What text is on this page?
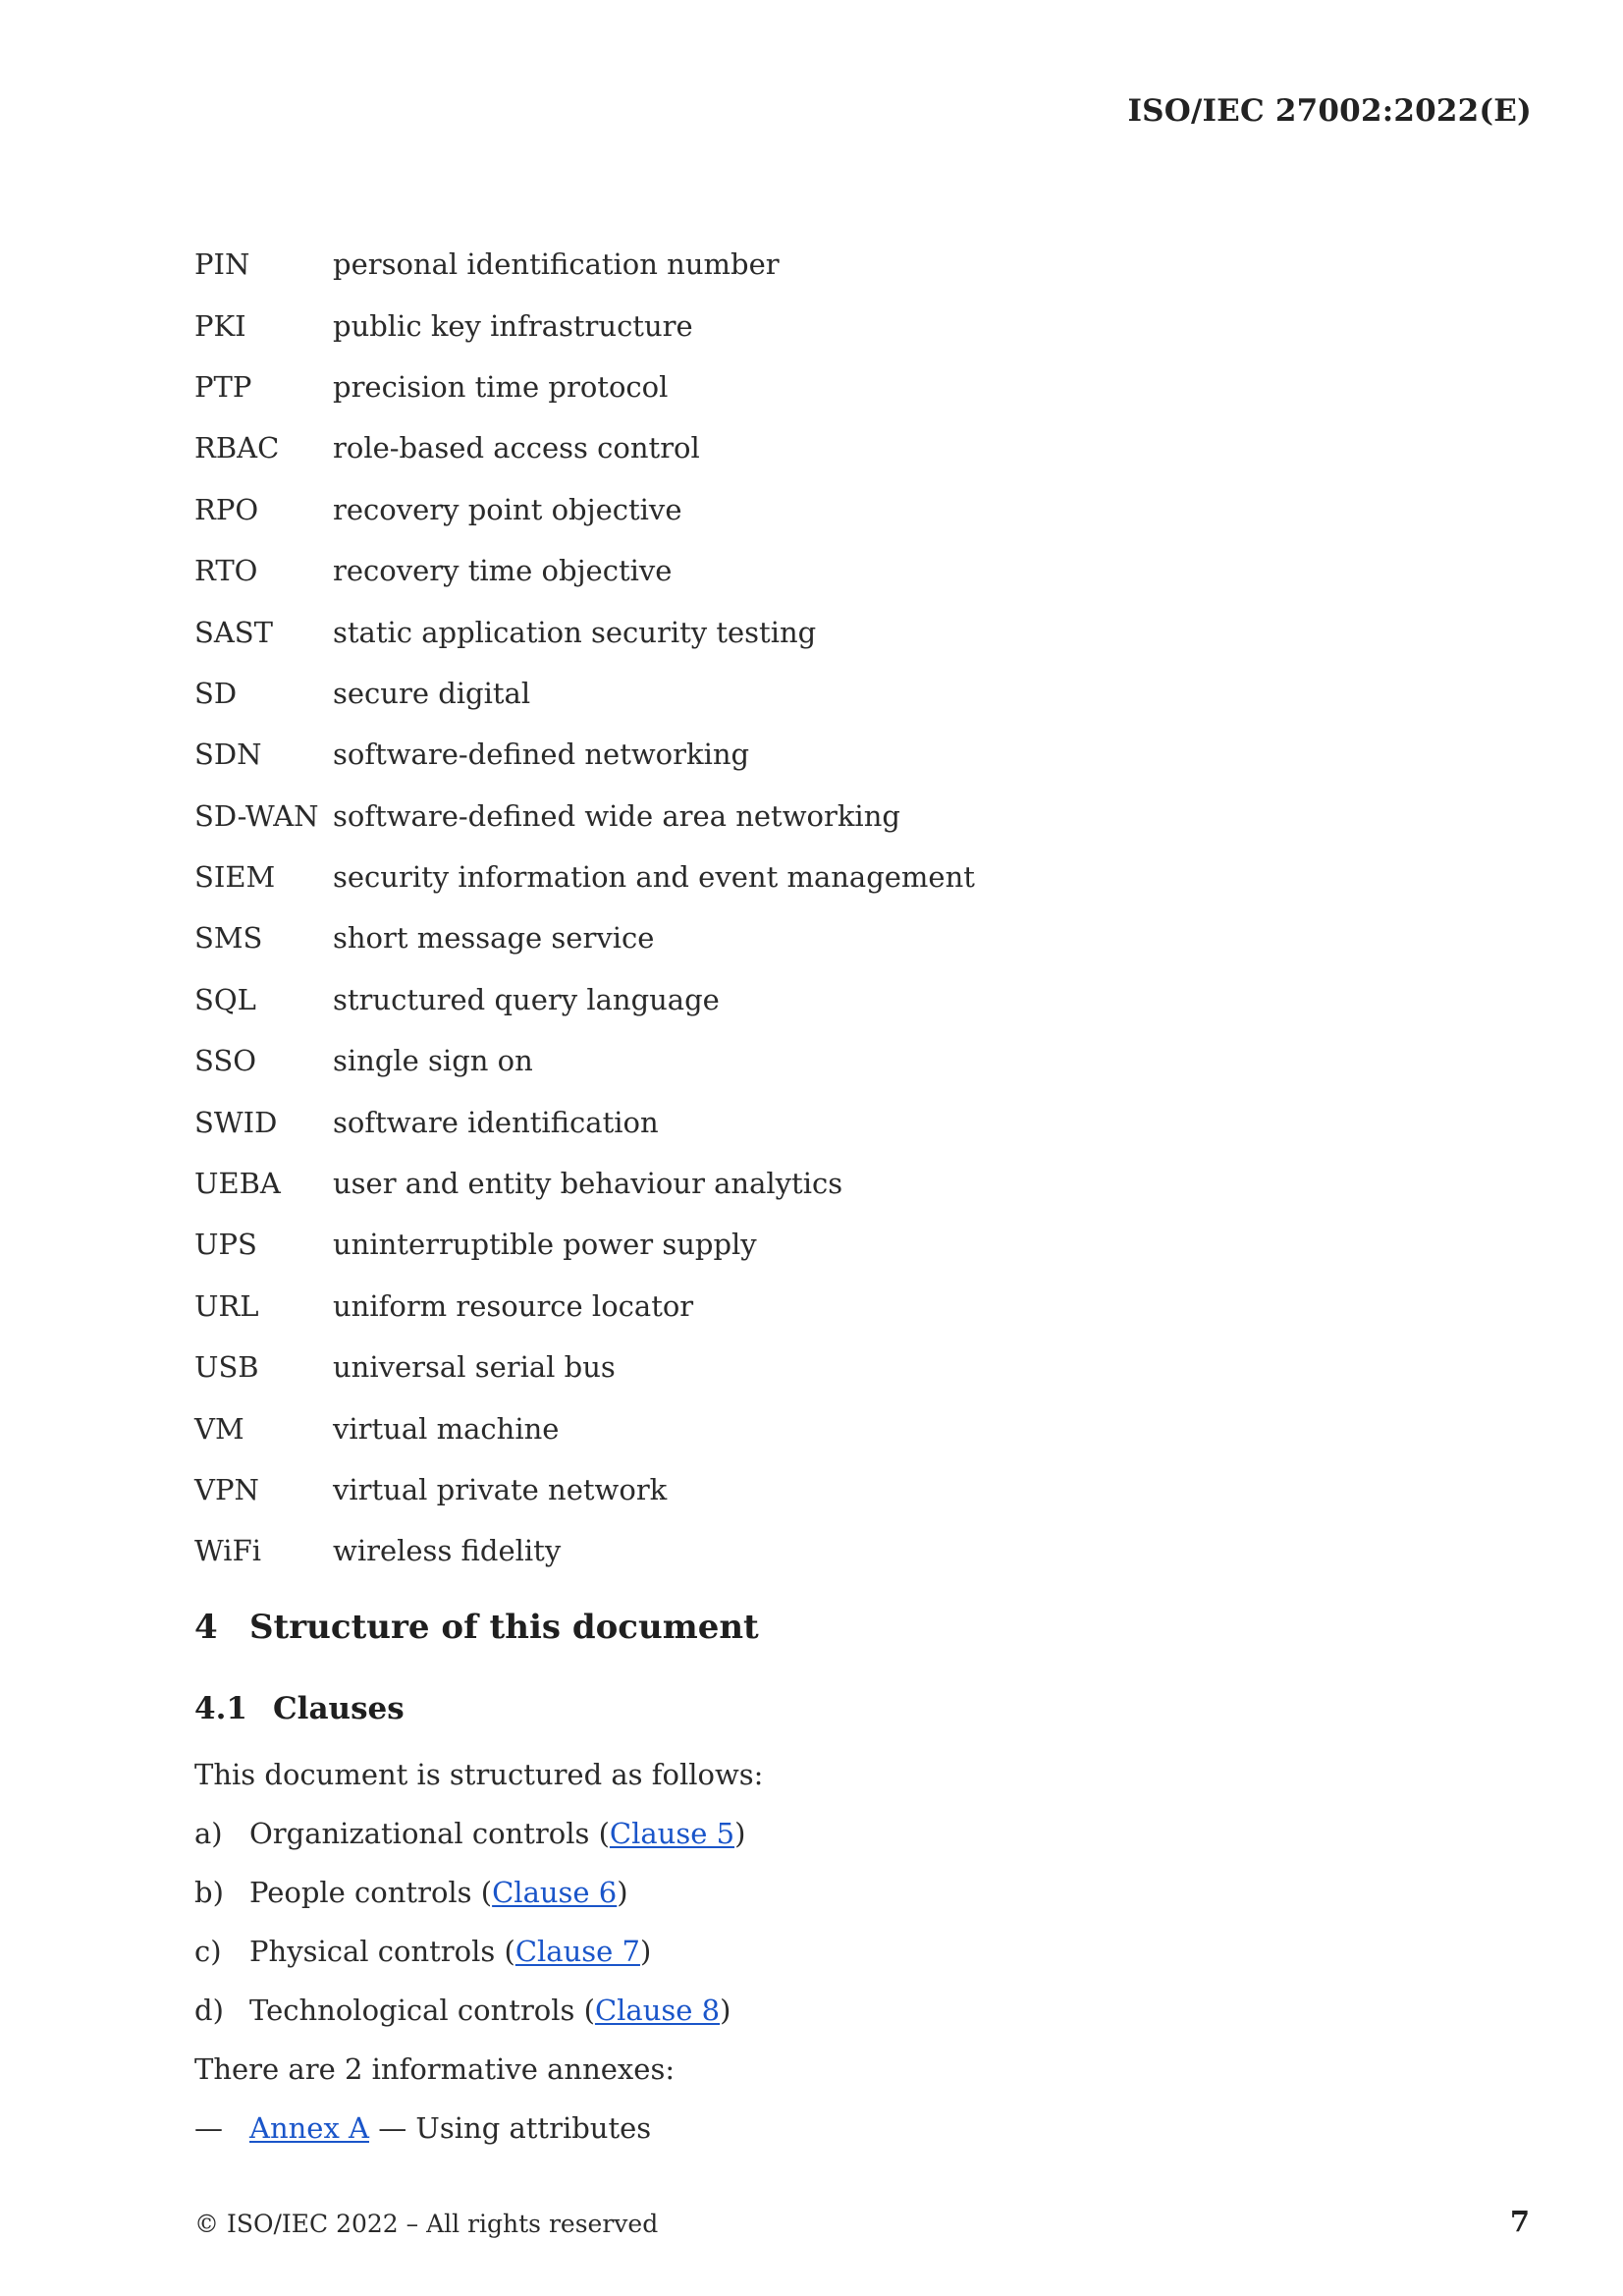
ISO/IEC 27002:2022(E)
PIN	personal identification number
PKI	public key infrastructure
PTP	precision time protocol
RBAC	role-based access control
RPO	recovery point objective
RTO	recovery time objective
SAST	static application security testing
SD	secure digital
SDN	software-defined networking
SD-WAN software-defined wide area networking
SIEM	security information and event management
SMS	short message service
SQL	structured query language
SSO	single sign on
SWID	software identification
UEBA	user and entity behaviour analytics
UPS	uninterruptible power supply
URL	uniform resource locator
USB	universal serial bus
VM	virtual machine
VPN	virtual private network
WiFi	wireless fidelity
4 Structure of this document
4.1 Clauses
This document is structured as follows:
a) Organizational controls (Clause 5)
b) People controls (Clause 6)
c) Physical controls (Clause 7)
d) Technological controls (Clause 8)
There are 2 informative annexes:
— Annex A — Using attributes
© ISO/IEC 2022 – All rights reserved	7
